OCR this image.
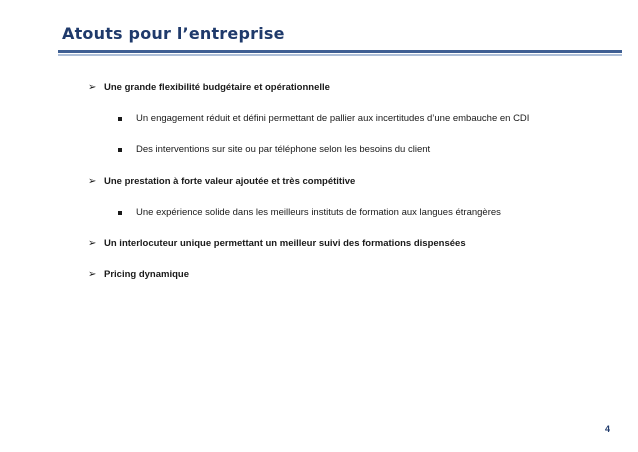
Atouts pour l’entreprise
➢ Une grande flexibilité budgétaire et opérationnelle
Un engagement réduit et défini permettant de pallier aux incertitudes d’une embauche en CDI
Des interventions sur site ou par téléphone selon les besoins du client
➢ Une prestation à forte valeur ajoutée et très compétitive
Une expérience solide dans les meilleurs instituts de formation aux langues étrangères
➢ Un interlocuteur unique permettant un meilleur suivi des formations dispensées
➢ Pricing dynamique
4
